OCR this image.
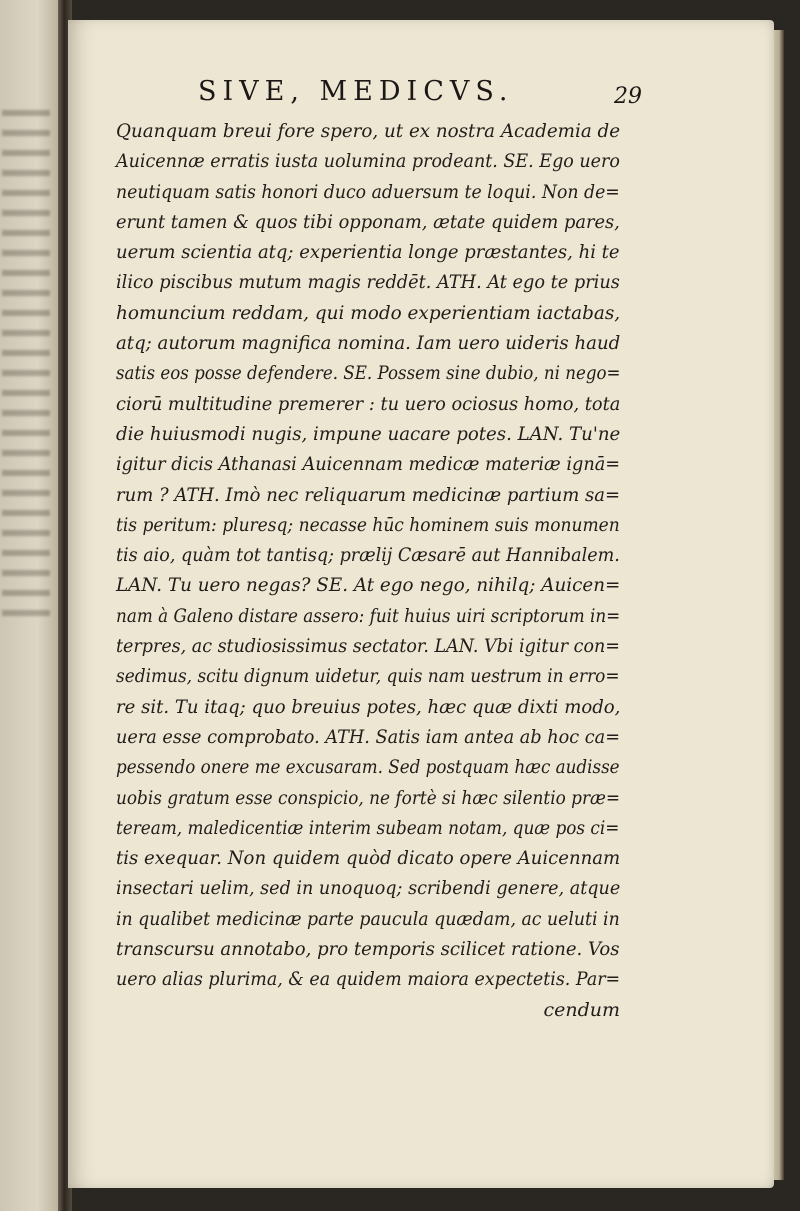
SIVE, MEDICVS.	29
Quanquam breui fore spero, ut ex nostra Academia de
Auicennæ erratis iusta uolumina prodeant. SE. Ego uero
neutiquam satis honori duco aduersum te loqui. Non de=
erunt tamen & quos tibi opponam, ætate quidem pares,
uerum scientia atq; experientia longe præstantes, hi te
ilico piscibus mutum magis reddēt. ATH. At ego te prius
homuncium reddam, qui modo experientiam iactabas,
atq; autorum magnifica nomina. Iam uero uideris haud
satis eos posse defendere. SE. Possem sine dubio, ni nego=
ciorū multitudine premerer : tu uero ociosus homo, tota
die huiusmodi nugis, impune uacare potes. LAN. Tu'ne
igitur dicis Athanasi Auicennam medicæ materiæ ignā=
rum ? ATH. Imò nec reliquarum medicinæ partium sa=
tis peritum: pluresq; necasse hūc hominem suis monumen
tis aio, quàm tot tantisq; prælij Cæsarē aut Hannibalem.
LAN. Tu uero negas? SE. At ego nego, nihilq; Auicen=
nam à Galeno distare assero: fuit huius uiri scriptorum in=
terpres, ac studiosissimus sectator. LAN. Vbi igitur con=
sedimus, scitu dignum uidetur, quis nam uestrum in erro=
re sit. Tu itaq; quo breuius potes, hæc quæ dixti modo,
uera esse comprobato. ATH. Satis iam antea ab hoc ca=
pessendo onere me excusaram. Sed postquam hæc audisse
uobis gratum esse conspicio, ne fortè si hæc silentio præ=
teream, maledicentiæ interim subeam notam, quæ pos ci=
tis exequar. Non quidem quòd dicato opere Auicennam
insectari uelim, sed in unoquoq; scribendi genere, atque
in qualibet medicinæ parte paucula quædam, ac ueluti in
transcursu annotabo, pro temporis scilicet ratione. Vos
uero alias plurima, & ea quidem maiora expectetis. Par=
cendum
